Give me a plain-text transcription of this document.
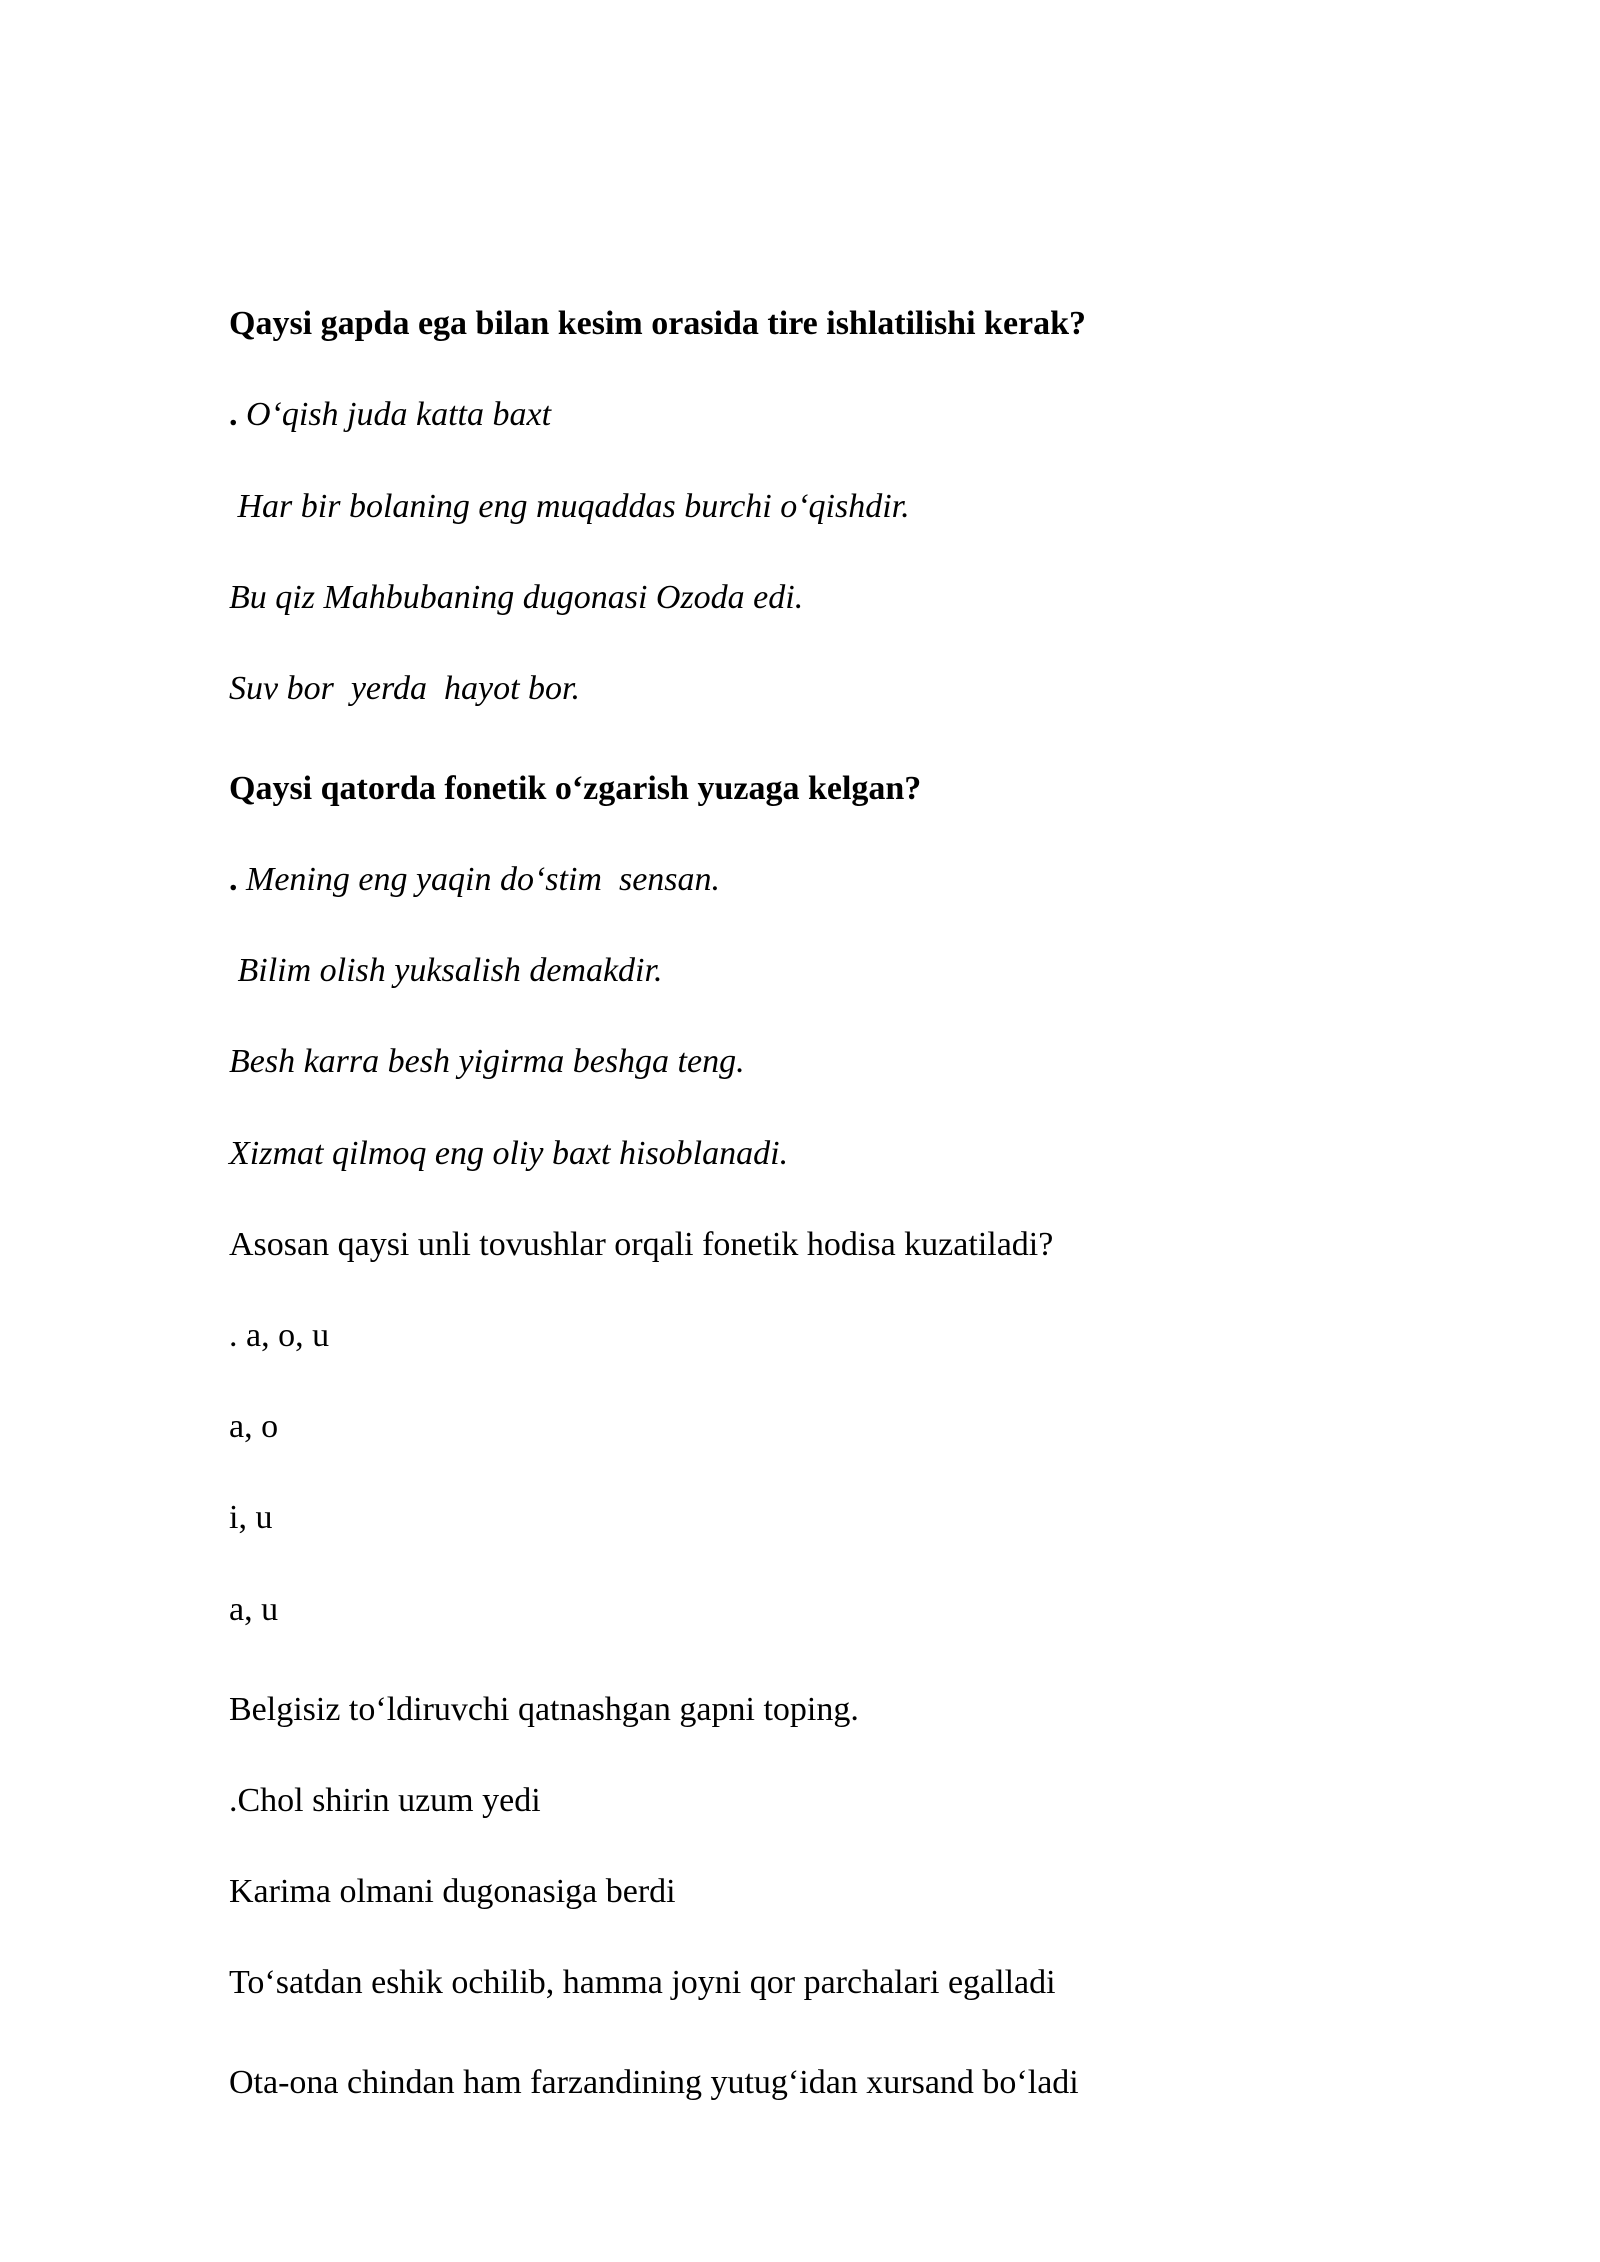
Qaysi gapda ega bilan kesim orasida tire ishlatilishi kerak?
. O‘qish juda katta baxt
Har bir bolaning eng muqaddas burchi o‘qishdir.
Bu qiz Mahbubaning dugonasi Ozoda edi.
Suv bor  yerda  hayot bor.
Qaysi qatorda fonetik o‘zgarish yuzaga kelgan?
. Mening eng yaqin do‘stim  sensan.
Bilim olish yuksalish demakdir.
Besh karra besh yigirma beshga teng.
Xizmat qilmoq eng oliy baxt hisoblanadi.
Asosan qaysi unli tovushlar orqali fonetik hodisa kuzatiladi?
. a, o, u
a, o
i, u
a, u
Belgisiz to‘ldiruvchi qatnashgan gapni toping.
.Chol shirin uzum yedi
Karima olmani dugonasiga berdi
To‘satdan eshik ochilib, hamma joyni qor parchalari egalladi
Ota-ona chindan ham farzandining yutug‘idan xursand bo‘ladi
